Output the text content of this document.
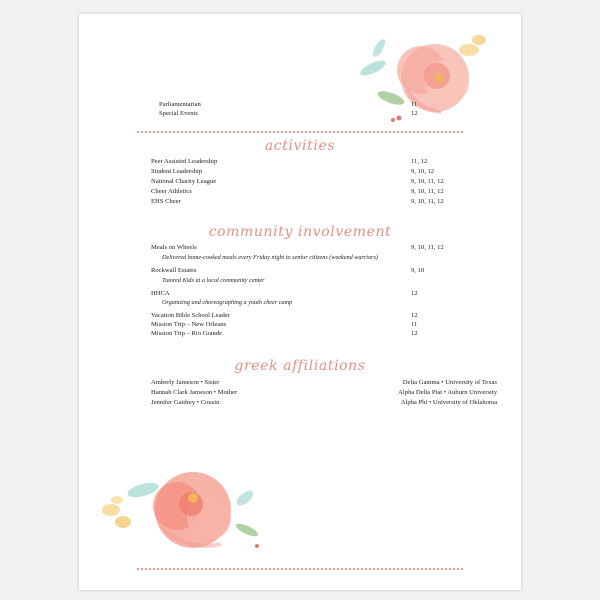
Parliamentarian	11
Special Events	12
activities
Peer Assisted Leadership	11, 12
Student Leadership	9, 10, 12
National Charity League	9, 10, 11, 12
Cheer Athletics	9, 10, 11, 12
EHS Cheer	9, 10, 11, 12
community involvement
Meals on Wheels	9, 10, 11, 12
Delivered home-cooked meals every Friday night to senior citizens (weekend warriors)
Rockwall Estates	9, 10
Tutored Kids at a local community center
HHCA	12
Organizing and choreographing a youth cheer camp
Vacation Bible School Leader	12
Mission Trip – New Orleans	11
Mission Trip – Rio Grande	12
greek affiliations
Amberly Jameson • Sister	Delta Gamma • University of Texas
Hannah Clark Jameson • Mother	Alpha Delta Piat • Auburn University
Jennifer Gaidrey • Cousin	Alpha Phi • University of Oklahoma
